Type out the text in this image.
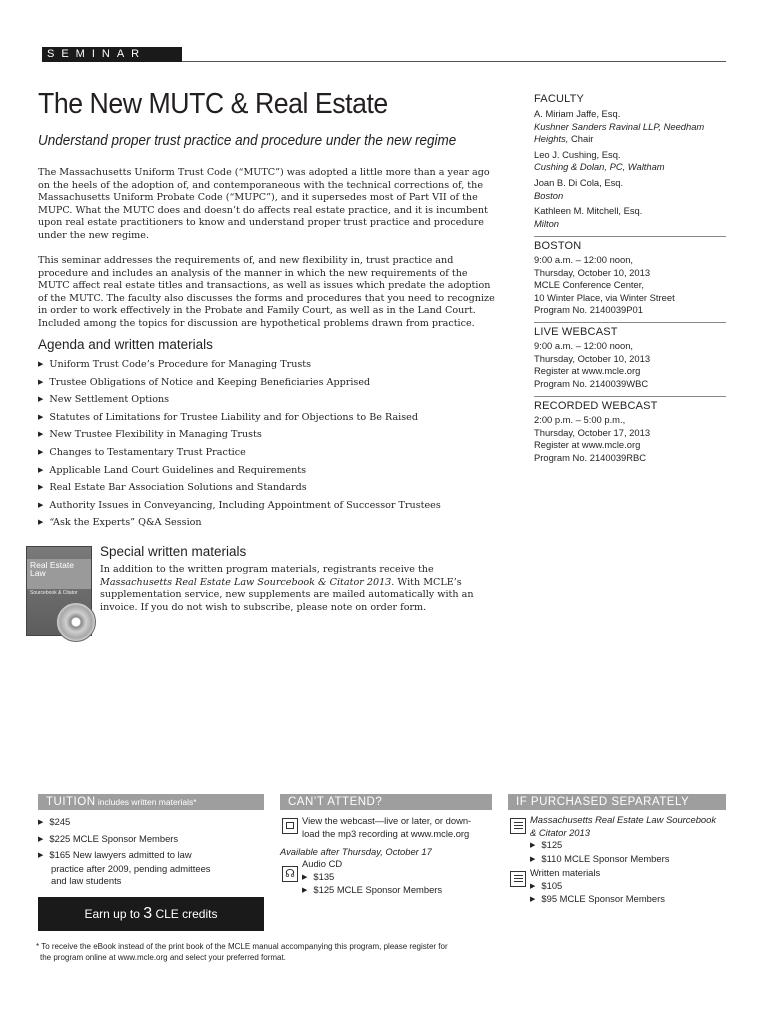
SEMINAR
The New MUTC & Real Estate
Understand proper trust practice and procedure under the new regime

The Massachusetts Uniform Trust Code (“MUTC”) was adopted a little more than a year ago on the heels of the adoption of, and contemporaneous with the technical corrections of, the Massachusetts Uniform Probate Code (“MUPC”), and it supersedes most of Part VII of the MUPC. What the MUTC does and doesn’t do affects real estate practice, and it is incumbent upon real estate practitioners to know and understand proper trust practice and procedure under the new regime.

This seminar addresses the requirements of, and new flexibility in, trust practice and procedure and includes an analysis of the manner in which the new requirements of the MUTC affect real estate titles and transactions, as well as issues which predate the adoption of the MUTC. The faculty also discusses the forms and procedures that you need to recognize in order to work effectively in the Probate and Family Court, as well as in the Land Court. Included among the topics for discussion are hypothetical problems drawn from practice.

Agenda and written materials
▶ Uniform Trust Code’s Procedure for Managing Trusts
▶ Trustee Obligations of Notice and Keeping Beneficiaries Apprised
▶ New Settlement Options
▶ Statutes of Limitations for Trustee Liability and for Objections to Be Raised
▶ New Trustee Flexibility in Managing Trusts
▶ Changes to Testamentary Trust Practice
▶ Applicable Land Court Guidelines and Requirements
▶ Real Estate Bar Association Solutions and Standards
▶ Authority Issues in Conveyancing, Including Appointment of Successor Trustees
▶ “Ask the Experts” Q&A Session
Real Estate
Law
Sourcebook & Citator
Special written materials

In addition to the written program materials, registrants receive the Massachusetts Real Estate Law Sourcebook & Citator 2013. With MCLE’s supplementation service, new supplements are mailed automatically with an invoice. If you do not wish to subscribe, please note on order form.

FACULTY
A. Miriam Jaffe, Esq.
Kushner Sanders Ravinal LLP, Needham Heights, Chair
Leo J. Cushing, Esq.
Cushing & Dolan, PC, Waltham
Joan B. Di Cola, Esq.
Boston
Kathleen M. Mitchell, Esq.
Milton
BOSTON
9:00 a.m. – 12:00 noon,
Thursday, October 10, 2013
MCLE Conference Center,
10 Winter Place, via Winter Street
Program No. 2140039P01
LIVE WEBCAST
9:00 a.m. – 12:00 noon,
Thursday, October 10, 2013
Register at www.mcle.org
Program No. 2140039WBC
RECORDED WEBCAST
2:00 p.m. – 5:00 p.m.,
Thursday, October 17, 2013
Register at www.mcle.org
Program No. 2140039RBC
TUITION includes written materials*
▶ $245
▶ $225 MCLE Sponsor Members
▶ $165 New lawyers admitted to law
practice after 2009, pending admittees
and law students
Earn up to 3 CLE credits
CAN’T ATTEND?
View the webcast—live or later, or down-
load the mp3 recording at www.mcle.org
Available after Thursday, October 17
☊
Audio CD
▶ $135
▶ $125 MCLE Sponsor Members
IF PURCHASED SEPARATELY
Massachusetts Real Estate Law Sourcebook
& Citator 2013
▶ $125
▶ $110 MCLE Sponsor Members
Written materials
▶ $105
▶ $95 MCLE Sponsor Members
* To receive the eBook instead of the print book of the MCLE manual accompanying this program, please register for
the program online at www.mcle.org and select your preferred format.
